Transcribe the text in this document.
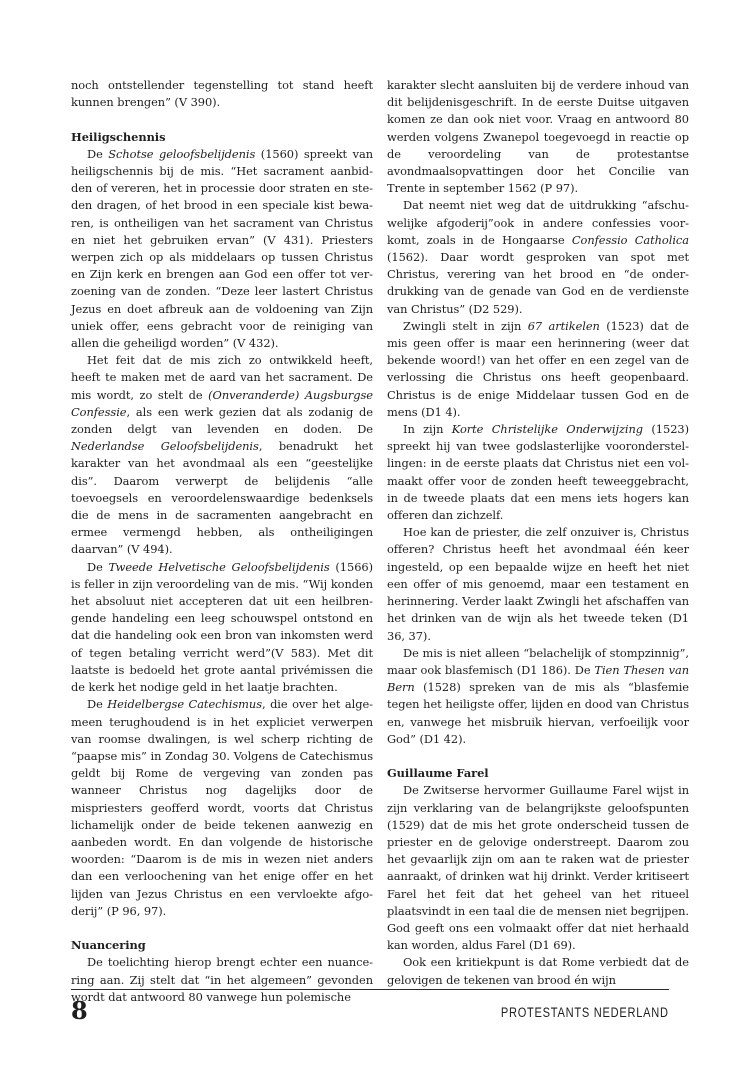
noch ontstellender tegenstelling tot stand heeft kunnen brengen” (V 390).

Heiligschennis

De Schotse geloofsbelijdenis (1560) spreekt van heiligschennis bij de mis. “Het sacrament aanbidden of vereren, het in processie door straten en steden dragen, of het brood in een speciale kist bewaren, is ontheiligen van het sacrament van Christus en niet het gebruiken ervan” (V 431). Priesters werpen zich op als middelaars op tussen Christus en Zijn kerk en brengen aan God een offer tot verzoening van de zonden. “Deze leer lastert Christus Jezus en doet afbreuk aan de voldoening van Zijn uniek offer, eens gebracht voor de reiniging van allen die geheiligd worden” (V 432).

Het feit dat de mis zich zo ontwikkeld heeft, heeft te maken met de aard van het sacrament. De mis wordt, zo stelt de (Onveranderde) Augsburgse Confessie, als een werk gezien dat als zodanig de zonden delgt van levenden en doden. De Nederlandse Geloofsbelijdenis, benadrukt het karakter van het avondmaal als een “geestelijke dis”. Daarom verwerpt de belijdenis “alle toevoegsels en veroordelenswaardige bedenksels die de mens in de sacramenten aangebracht en ermee vermengd hebben, als ontheiligingen daarvan” (V 494).

De Tweede Helvetische Geloofsbelijdenis (1566) is feller in zijn veroordeling van de mis. “Wij konden het absoluut niet accepteren dat uit een heilbrengende handeling een leeg schouwspel ontstond en dat die handeling ook een bron van inkomsten werd of tegen betaling verricht werd”(V 583). Met dit laatste is bedoeld het grote aantal privémissen die de kerk het nodige geld in het laatje brachten.

De Heidelbergse Catechismus, die over het algemeen terughoudend is in het expliciet verwerpen van roomse dwalingen, is wel scherp richting de “paapse mis” in Zondag 30. Volgens de Catechismus geldt bij Rome de vergeving van zonden pas wanneer Christus nog dagelijks door de mispriesters geofferd wordt, voorts dat Christus lichamelijk onder de beide tekenen aanwezig en aanbeden wordt. En dan volgende de historische woorden: “Daarom is de mis in wezen niet anders dan een verloochening van het enige offer en het lijden van Jezus Christus en een vervloekte afgoderij” (P 96, 97).

Nuancering

De toelichting hierop brengt echter een nuancering aan. Zij stelt dat “in het algemeen” gevonden wordt dat antwoord 80 vanwege hun polemische

karakter slecht aansluiten bij de verdere inhoud van dit belijdenisgeschrift. In de eerste Duitse uitgaven komen ze dan ook niet voor. Vraag en antwoord 80 werden volgens Zwanepol toegevoegd in reactie op de veroordeling van de protestantse avondmaalsopvattingen door het Concilie van Trente in september 1562 (P 97).

Dat neemt niet weg dat de uitdrukking “afschuwelijke afgoderij”ook in andere confessies voorkomt, zoals in de Hongaarse Confessio Catholica (1562). Daar wordt gesproken van spot met Christus, verering van het brood en “de onderdrukking van de genade van God en de verdienste van Christus” (D2 529).

Zwingli stelt in zijn 67 artikelen (1523) dat de mis geen offer is maar een herinnering (weer dat bekende woord!) van het offer en een zegel van de verlossing die Christus ons heeft geopenbaard. Christus is de enige Middelaar tussen God en de mens (D1 4).

In zijn Korte Christelijke Onderwijzing (1523) spreekt hij van twee godslasterlijke vooronderstellingen: in de eerste plaats dat Christus niet een volmaakt offer voor de zonden heeft teweeggebracht, in de tweede plaats dat een mens iets hogers kan offeren dan zichzelf.

Hoe kan de priester, die zelf onzuiver is, Christus offeren? Christus heeft het avondmaal één keer ingesteld, op een bepaalde wijze en heeft het niet een offer of mis genoemd, maar een testament en herinnering. Verder laakt Zwingli het afschaffen van het drinken van de wijn als het tweede teken (D1 36, 37).

De mis is niet alleen “belachelijk of stompzinnig”, maar ook blasfemisch (D1 186). De Tien Thesen van Bern (1528) spreken van de mis als “blasfemie tegen het heiligste offer, lijden en dood van Christus en, vanwege het misbruik hiervan, verfoeilijk voor God” (D1 42).

Guillaume Farel

De Zwitserse hervormer Guillaume Farel wijst in zijn verklaring van de belangrijkste geloofspunten (1529) dat de mis het grote onderscheid tussen de priester en de gelovige onderstreept. Daarom zou het gevaarlijk zijn om aan te raken wat de priester aanraakt, of drinken wat hij drinkt. Verder kritiseert Farel het feit dat het geheel van het ritueel plaatsvindt in een taal die de mensen niet begrijpen. God geeft ons een volmaakt offer dat niet herhaald kan worden, aldus Farel (D1 69).

Ook een kritiekpunt is dat Rome verbiedt dat de gelovigen de tekenen van brood én wijn

8	PROTESTANTS NEDERLAND
